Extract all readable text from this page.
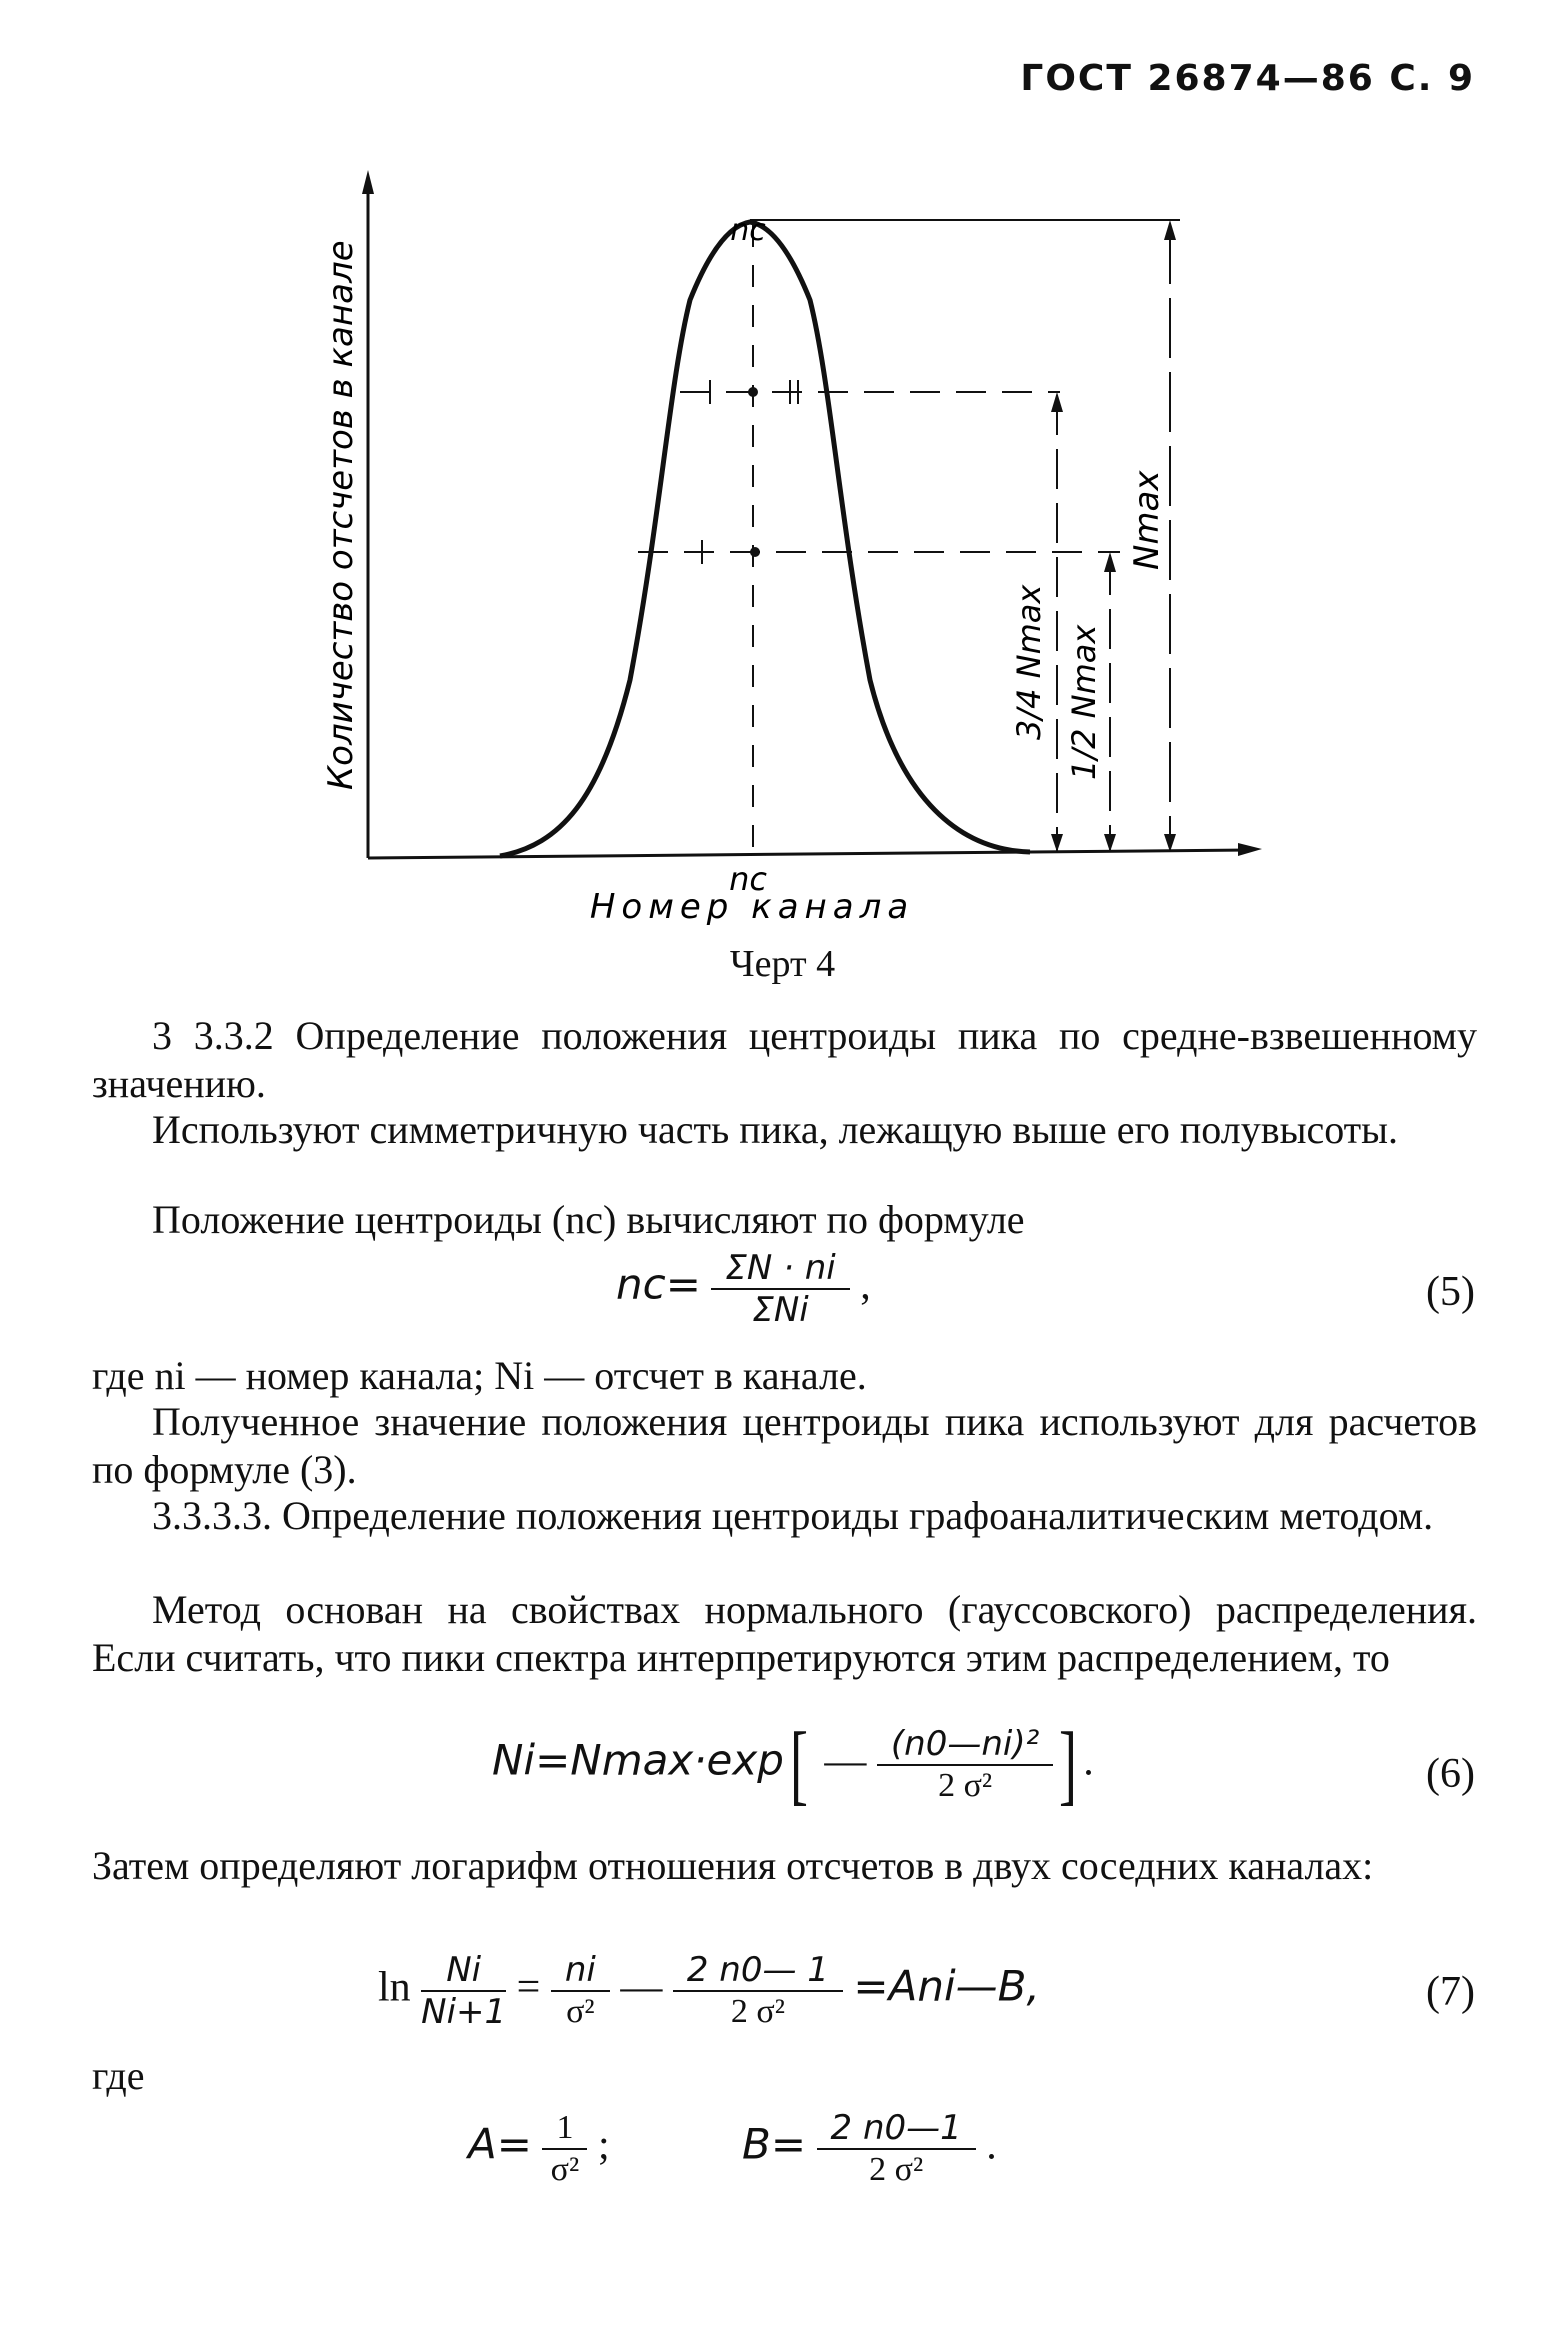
ГОСТ 26874—86 С. 9
Количество отсчетов в канале
nc
Номер канала
nc
3/4 Nmax 1/2 Nmax
Nmax
Черт 4
3 3.3.2 Определение положения центроиды пика по средне-взвешенному значению.
Используют симметричную часть пика, лежащую выше его полувысоты.
Положение центроиды (nc) вычисляют по формуле
$nc= \frac{\Sigma N \cdot ni}{\text{ΣNi}}$ ,	(5)
где ni — номер канала; Ni — отсчет в канале.
Полученное значение положения центроиды пика используют для расчетов по формуле (3).
3.3.3.3. Определение положения центроиды графоаналитическим методом.
Метод основан на свойствах нормального (гауссовского) распределения. Если считать, что пики спектра интерпретируются этим распределением, то
Ni=Nmax·exp[ — $\frac{\text{(n0—ni)²}}{\text{2 σ²}}$ ] .	(6)
Затем определяют логарифм отношения отсчетов в двух соседних каналах:
$\ln \frac{Ni}{Ni+1} = \frac{ni}{\text{σ²}}$ — $\frac{2 n0— 1}{\text{2 σ²}}$ =Ani—B,	(7)
где
$A= \frac{1}{\text{σ²}}$ ;	$B= \frac{2 n0—1}{\text{2 σ²}}$ .
